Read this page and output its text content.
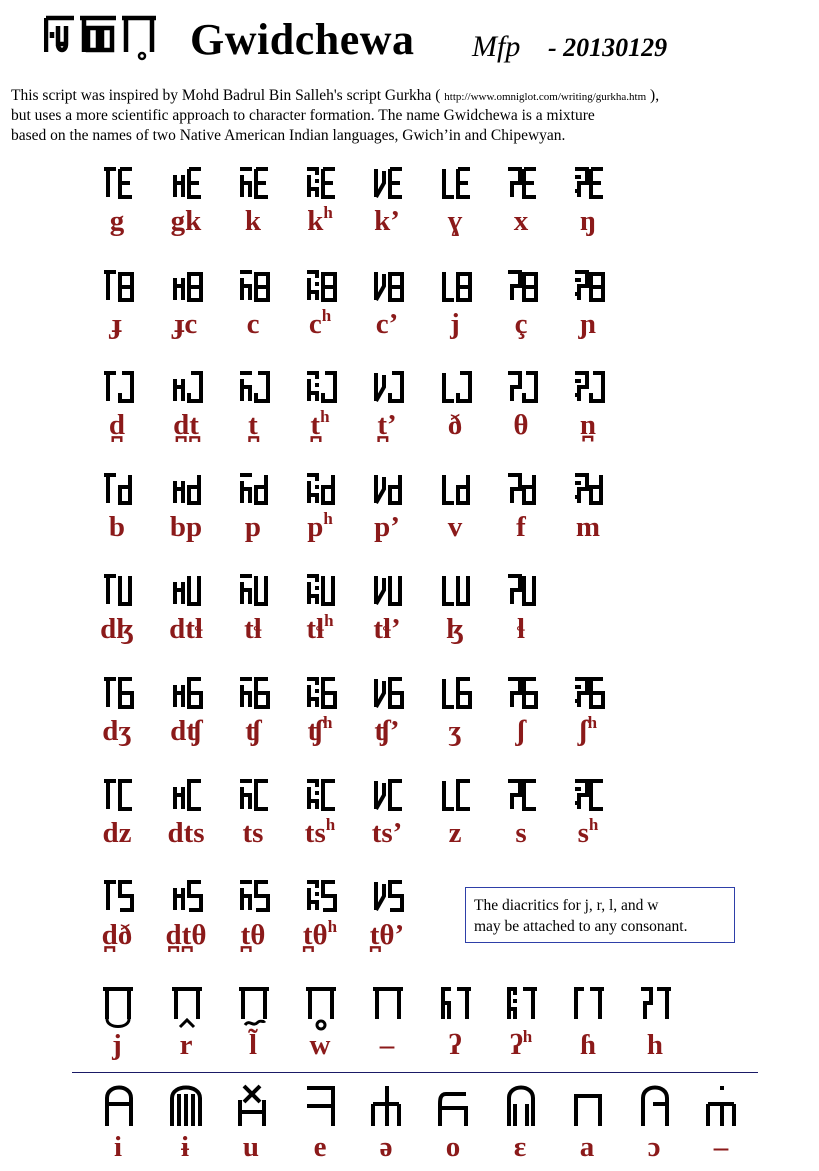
Gwidchewa Mfp - 20130129
This script was inspired by Mohd Badrul Bin Salleh's script Gurkha ( http://www.omniglot.com/writing/gurkha.htm ),
but uses a more scientific approach to character formation. The name Gwidchewa is a mixture
based on the names of two Native American Indian languages, Gwich’in and Chipewyan.
g	gk	k	$k^h$	k’	ɣ	x	ŋ
ɟ	ɟc	c	$c^h$	c’	j	ç	ɲ
d̪	d̪t̪	t̪	t̪$^h$	t̪’	ð	θ	n̪
b	bp	p	$p^h$	p’	v	f	m
dɮ	dtɬ	tɬ	tɬ$^h$	tɬ’	ɮ	ɬ
dʒ	dʧ	ʧ	ʧ$^h$	ʧ’	ʒ	ʃ	ʃ$^h$
dz	dts	ts	$ts^h$	ts’	z	s	$s^h$
d̪ð	d̪t̪θ	t̪θ	$t̪\theta^h$	t̪θ’
j	r	l̃	w	–	ʔ	ʔ$^h$	ɦ	h
i	ɨ	u	e	ə	o	ɛ	a	ɔ	–
The diacritics for j, r, l, and w
may be attached to any consonant.
